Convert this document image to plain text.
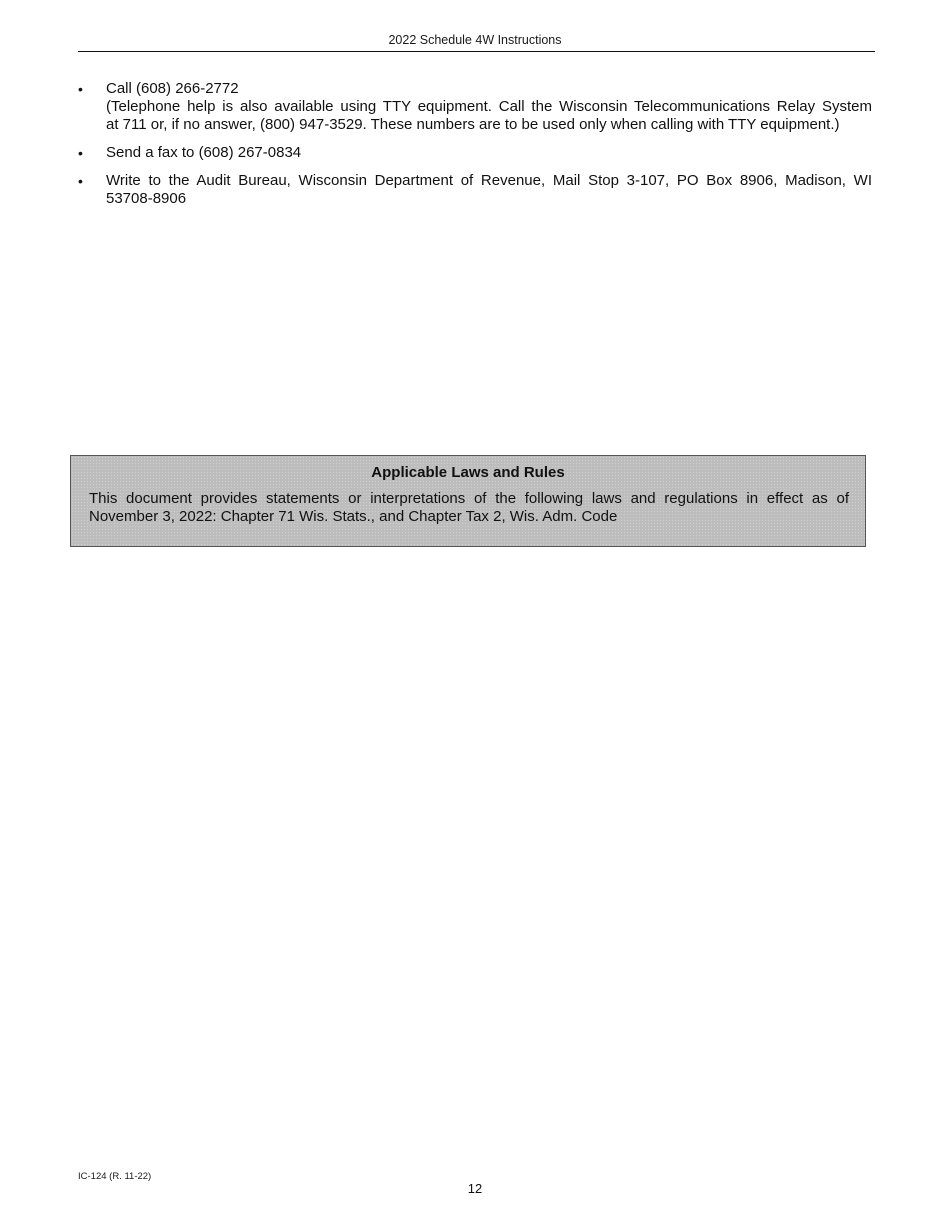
2022 Schedule 4W Instructions
•	Call (608) 266-2772
(Telephone help is also available using TTY equipment. Call the Wisconsin Telecommunications Relay System
at 711 or, if no answer, (800) 947-3529. These numbers are to be used only when calling with TTY equipment.)
•	Send a fax to (608) 267-0834
•	Write to the Audit Bureau, Wisconsin Department of Revenue, Mail Stop 3-107, PO Box 8906, Madison, WI
53708-8906
Applicable Laws and Rules
This document provides statements or interpretations of the following laws and regulations in effect as of
November 3, 2022: Chapter 71 Wis. Stats., and Chapter Tax 2, Wis. Adm. Code
IC-124 (R. 11-22)
12
